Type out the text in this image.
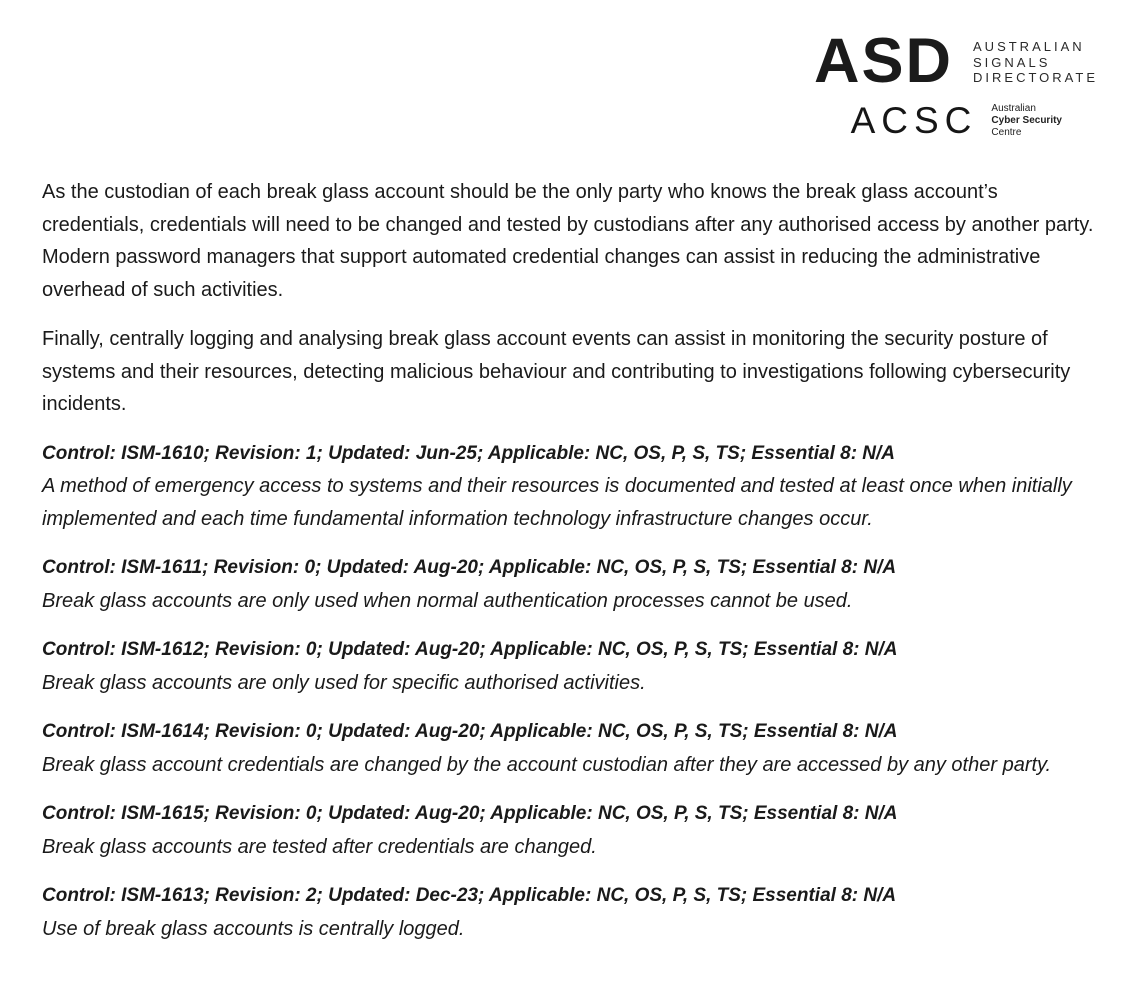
ASD AUSTRALIAN
SIGNALS
DIRECTORATE
ACSC Australian
Cyber Security
Centre

As the custodian of each break glass account should be the only party who knows the break glass account’s credentials, credentials will need to be changed and tested by custodians after any authorised access by another party. Modern password managers that support automated credential changes can assist in reducing the administrative overhead of such activities.

Finally, centrally logging and analysing break glass account events can assist in monitoring the security posture of systems and their resources, detecting malicious behaviour and contributing to investigations following cybersecurity incidents.

Control: ISM-1610; Revision: 1; Updated: Jun-25; Applicable: NC, OS, P, S, TS; Essential 8: N/A

A method of emergency access to systems and their resources is documented and tested at least once when initially implemented and each time fundamental information technology infrastructure changes occur.

Control: ISM-1611; Revision: 0; Updated: Aug-20; Applicable: NC, OS, P, S, TS; Essential 8: N/A

Break glass accounts are only used when normal authentication processes cannot be used.

Control: ISM-1612; Revision: 0; Updated: Aug-20; Applicable: NC, OS, P, S, TS; Essential 8: N/A

Break glass accounts are only used for specific authorised activities.

Control: ISM-1614; Revision: 0; Updated: Aug-20; Applicable: NC, OS, P, S, TS; Essential 8: N/A

Break glass account credentials are changed by the account custodian after they are accessed by any other party.

Control: ISM-1615; Revision: 0; Updated: Aug-20; Applicable: NC, OS, P, S, TS; Essential 8: N/A

Break glass accounts are tested after credentials are changed.

Control: ISM-1613; Revision: 2; Updated: Dec-23; Applicable: NC, OS, P, S, TS; Essential 8: N/A

Use of break glass accounts is centrally logged.
